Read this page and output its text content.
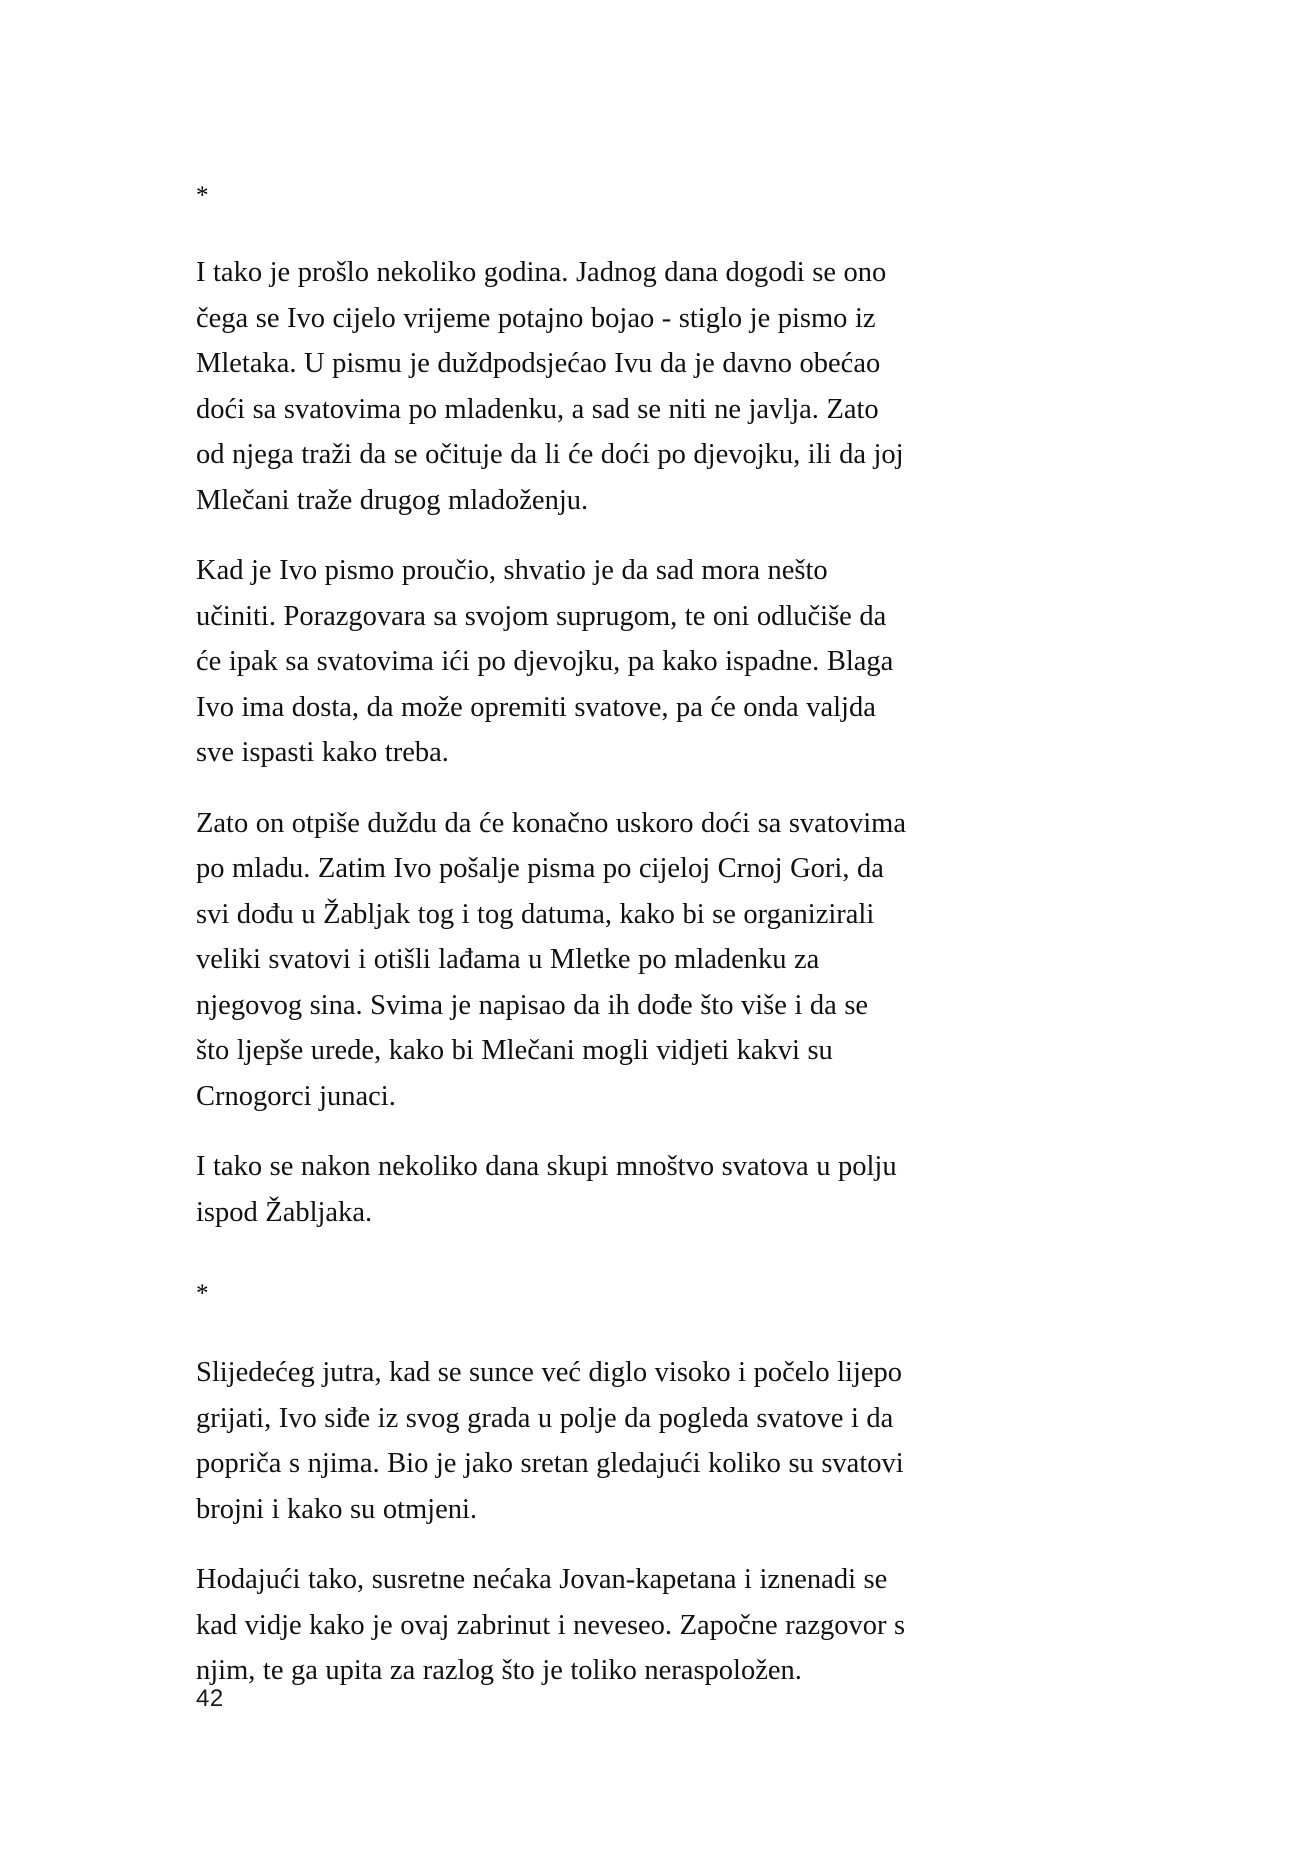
*

I tako je prošlo nekoliko godina. Jadnog dana dogodi se ono čega se Ivo cijelo vrijeme potajno bojao - stiglo je pismo iz Mletaka. U pismu je duždpodsjećao Ivu da je davno obećao doći sa svatovima po mladenku, a sad se niti ne javlja. Zato od njega traži da se očituje da li će doći po djevojku, ili da joj Mlečani traže drugog mladoženju.

Kad je Ivo pismo proučio, shvatio je da sad mora nešto učiniti. Porazgovara sa svojom suprugom, te oni odlučiše da će ipak sa svatovima ići po djevojku, pa kako ispadne. Blaga Ivo ima dosta, da može opremiti svatove, pa će onda valjda sve ispasti kako treba.

Zato on otpiše duždu da će konačno uskoro doći sa svatovima po mladu. Zatim Ivo pošalje pisma po cijeloj Crnoj Gori, da svi dođu u Žabljak tog i tog datuma, kako bi se organizirali veliki svatovi i otišli lađama u Mletke po mladenku za njegovog sina. Svima je napisao da ih dođe što više i da se što ljepše urede, kako bi Mlečani mogli vidjeti kakvi su Crnogorci junaci.

I tako se nakon nekoliko dana skupi mnoštvo svatova u polju ispod Žabljaka.

*

Slijedećeg jutra, kad se sunce već diglo visoko i počelo lijepo grijati, Ivo siđe iz svog grada u polje da pogleda svatove i da popriča s njima. Bio je jako sretan gledajući koliko su svatovi brojni i kako su otmjeni.

Hodajući tako, susretne nećaka Jovan-kapetana i iznenadi se kad vidje kako je ovaj zabrinut i neveseo. Započne razgovor s njim, te ga upita za razlog što je toliko neraspoložen.

42
